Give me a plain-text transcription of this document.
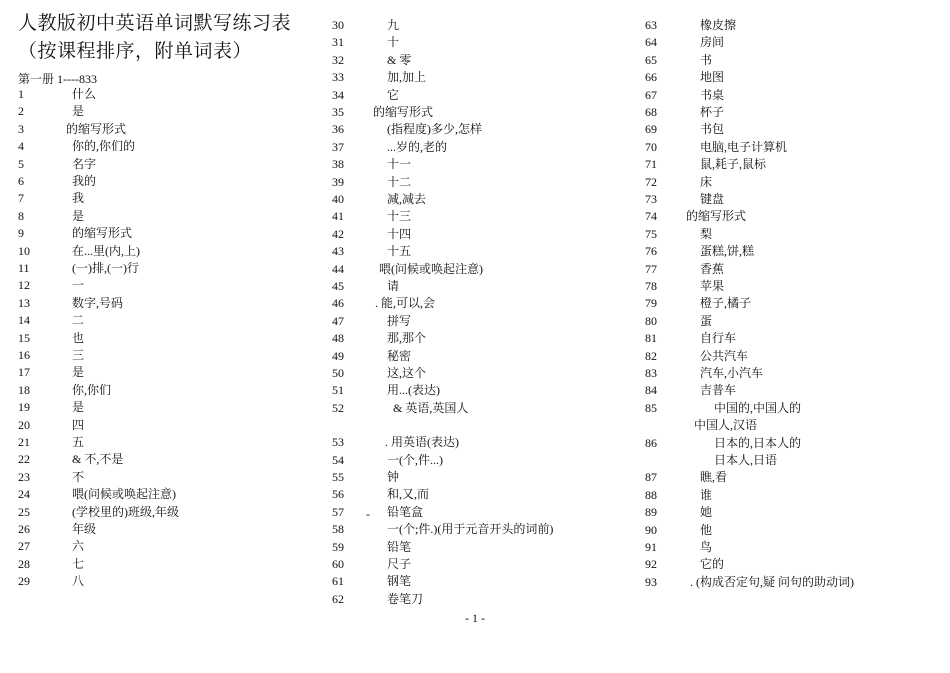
人教版初中英语单词默写练习表（按课程排序，附单词表）
第一册 1----833
1	什么
2	是
3	的缩写形式
4	你的,你们的
5	名字
6	我的
7	我
8	是
9	的缩写形式
10	在...里(内,上)
11	(一)排,(一)行
12	一
13	数字,号码
14	二
15	也
16	三
17	是
18	你,你们
19	是
20	四
21	五
22	& 不,不是
23	不
24	喂(问候或唤起注意)
25	(学校里的)班级,年级
26	年级
27	六
28	七
29	八
30	九
31	十
32	& 零
33	加,加上
34	它
35 的缩写形式
36	(指程度)多少,怎样
37	...岁的,老的
38	十一
39	十二
40	减,减去
41	十三
42	十四
43	十五
44	喂(问候或唤起注意)
45	请
46	. 能,可以,会
47	拼写
48	那,那个
49	秘密
50	这,这个
51	用...(表达)
52	& 英语,英国人
53	. 用英语(表达)
54	一(个,件...)
55	钟
56	和,又,而
57	铅笔盒
58	一(个;件.)(用于元音开头的词前)
59	铅笔
60	尺子
61	钢笔
62	卷笔刀
63	橡皮擦
64	房间
65	书
66	地图
67	书桌
68	杯子
69	书包
70	电脑,电子计算机
71	鼠,耗子,鼠标
72	床
73	键盘
74 的缩写形式
75	梨
76	蛋糕,饼,糕
77	香蕉
78	苹果
79	橙子,橘子
80	蛋
81	自行车
82	公共汽车
83	汽车,小汽车
84	吉普车
85	中国的,中国人的
中国人,汉语
86	日本的,日本人的
日本人,日语
87	瞧,看
88	谁
89	她
90	他
91	鸟
92	它的
93	. (构成否定句,疑 问句的助动词)
-
- 1 -
